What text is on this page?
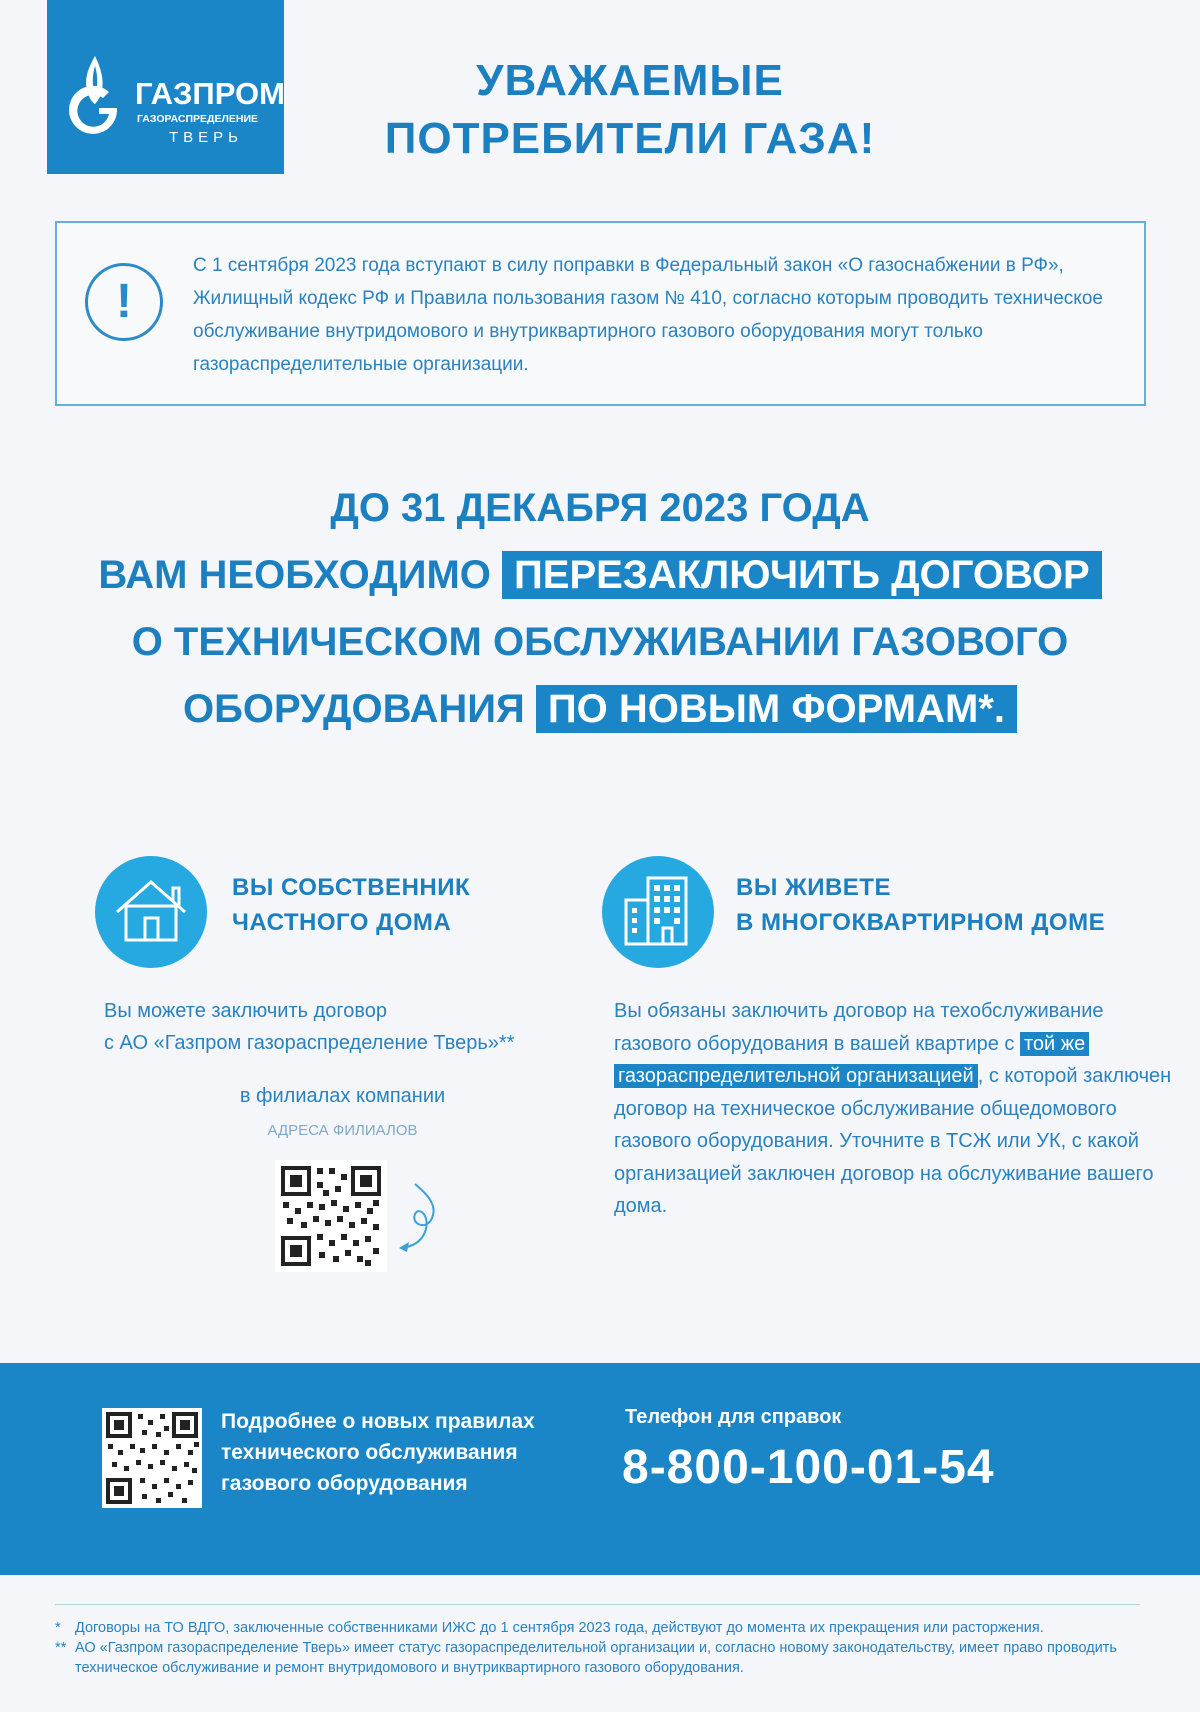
ГАЗПРОМ
ГАЗОРАСПРЕДЕЛЕНИЕ
ТВЕРЬ
УВАЖАЕМЫЕ
ПОТРЕБИТЕЛИ ГАЗА!
!
С 1 сентября 2023 года вступают в силу поправки в Федеральный закон «О газоснабжении в РФ», Жилищный кодекс РФ и Правила пользования газом № 410, согласно которым проводить техническое обслуживание внутридомового и внутриквартирного газового оборудования могут только газораспределительные организации.
ДО 31 ДЕКАБРЯ 2023 ГОДА
ВАМ НЕОБХОДИМО ПЕРЕЗАКЛЮЧИТЬ ДОГОВОР
О ТЕХНИЧЕСКОМ ОБСЛУЖИВАНИИ ГАЗОВОГО
ОБОРУДОВАНИЯ ПО НОВЫМ ФОРМАМ*.
ВЫ СОБСТВЕННИК
ЧАСТНОГО ДОМА
Вы можете заключить договор
с АО «Газпром газораспределение Тверь»**
в филиалах компании
АДРЕСА ФИЛИАЛОВ
ВЫ ЖИВЕТЕ
В МНОГОКВАРТИРНОМ ДОМЕ
Вы обязаны заключить договор на техобслуживание газового оборудования в вашей квартире с той же газораспределительной организацией , с которой заключен договор на техническое обслуживание общедомового газового оборудования. Уточните в ТСЖ или УК, с какой организацией заключен договор на обслуживание вашего дома.
Подробнее о новых правилах
технического обслуживания
газового оборудования
Телефон для справок
8-800-100-01-54
* Договоры на ТО ВДГО, заключенные собственниками ИЖС до 1 сентября 2023 года, действуют до момента их прекращения или расторжения.
** АО «Газпром газораспределение Тверь» имеет статус газораспределительной организации и, согласно новому законодательству, имеет право проводить техническое обслуживание и ремонт внутридомового и внутриквартирного газового оборудования.
